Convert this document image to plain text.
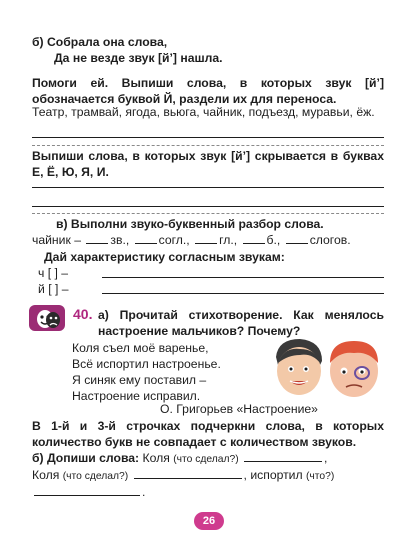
б) Собрала она слова,
Да не везде звук [й’] нашла.
Помоги ей. Выпиши слова, в которых звук [й’] обозначается буквой Й, раздели их для переноса.
Театр, трамвай, ягода, вьюга, чайник, подъезд, муравьи, ёж.
Выпиши слова, в которых звук [й’] скрывается в буквах Е, Ё, Ю, Я, И.
в) Выполни звуко-буквенный разбор слова.
чайник – зв., согл., гл., б., слогов.
Дай характеристику согласным звукам:
ч [ ] –
й [ ] –
40. а) Прочитай стихотворение. Как менялось настроение мальчиков? Почему?
Коля съел моё варенье,
Всё испортил настроенье.
Я синяк ему поставил –
Настроение исправил.
О. Григорьев «Настроение»
В 1-й и 3-й строчках подчеркни слова, в которых количество букв не совпадает с количеством звуков.
б) Допиши слова: Коля (что сделал?)	,
Коля (что сделал?)	, испортил (что?)
.
26
